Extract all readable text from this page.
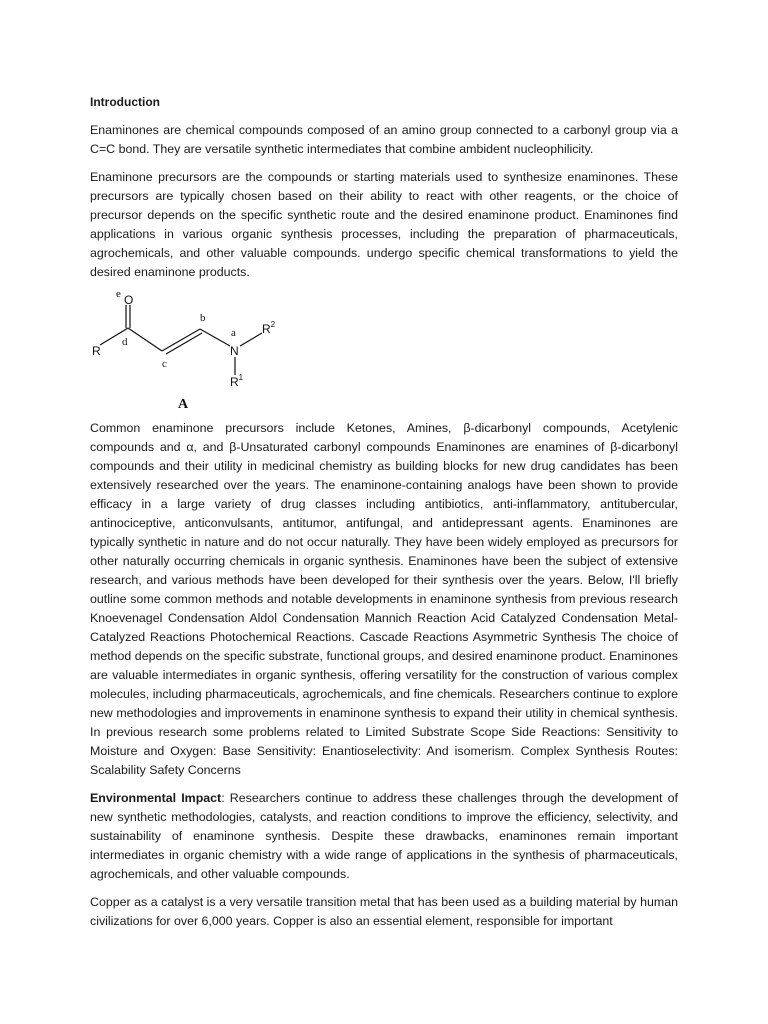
Introduction

Enaminones are chemical compounds composed of an amino group connected to a carbonyl group via a C=C bond. They are versatile synthetic intermediates that combine ambident nucleophilicity.

Enaminone precursors are the compounds or starting materials used to synthesize enaminones. These precursors are typically chosen based on their ability to react with other reagents, or the choice of precursor depends on the specific synthetic route and the desired enaminone product. Enaminones find applications in various organic synthesis processes, including the preparation of pharmaceuticals, agrochemicals, and other valuable compounds. undergo specific chemical transformations to yield the desired enaminone products.

R
O
N
$R^1$
$R^2$
e
d
c
b
a
A

Common enaminone precursors include Ketones, Amines, β-dicarbonyl compounds, Acetylenic compounds and α, and β-Unsaturated carbonyl compounds Enaminones are enamines of β-dicarbonyl compounds and their utility in medicinal chemistry as building blocks for new drug candidates has been extensively researched over the years. The enaminone-containing analogs have been shown to provide efficacy in a large variety of drug classes including antibiotics, anti-inflammatory, antitubercular, antinociceptive, anticonvulsants, antitumor, antifungal, and antidepressant agents. Enaminones are typically synthetic in nature and do not occur naturally. They have been widely employed as precursors for other naturally occurring chemicals in organic synthesis. Enaminones have been the subject of extensive research, and various methods have been developed for their synthesis over the years. Below, I'll briefly outline some common methods and notable developments in enaminone synthesis from previous research Knoevenagel Condensation Aldol Condensation Mannich Reaction Acid Catalyzed Condensation Metal-Catalyzed Reactions Photochemical Reactions. Cascade Reactions Asymmetric Synthesis The choice of method depends on the specific substrate, functional groups, and desired enaminone product. Enaminones are valuable intermediates in organic synthesis, offering versatility for the construction of various complex molecules, including pharmaceuticals, agrochemicals, and fine chemicals. Researchers continue to explore new methodologies and improvements in enaminone synthesis to expand their utility in chemical synthesis. In previous research some problems related to Limited Substrate Scope Side Reactions: Sensitivity to Moisture and Oxygen: Base Sensitivity: Enantioselectivity: And isomerism. Complex Synthesis Routes: Scalability Safety Concerns

Environmental Impact: Researchers continue to address these challenges through the development of new synthetic methodologies, catalysts, and reaction conditions to improve the efficiency, selectivity, and sustainability of enaminone synthesis. Despite these drawbacks, enaminones remain important intermediates in organic chemistry with a wide range of applications in the synthesis of pharmaceuticals, agrochemicals, and other valuable compounds.

Copper as a catalyst is a very versatile transition metal that has been used as a building material by human civilizations for over 6,000 years. Copper is also an essential element, responsible for important
